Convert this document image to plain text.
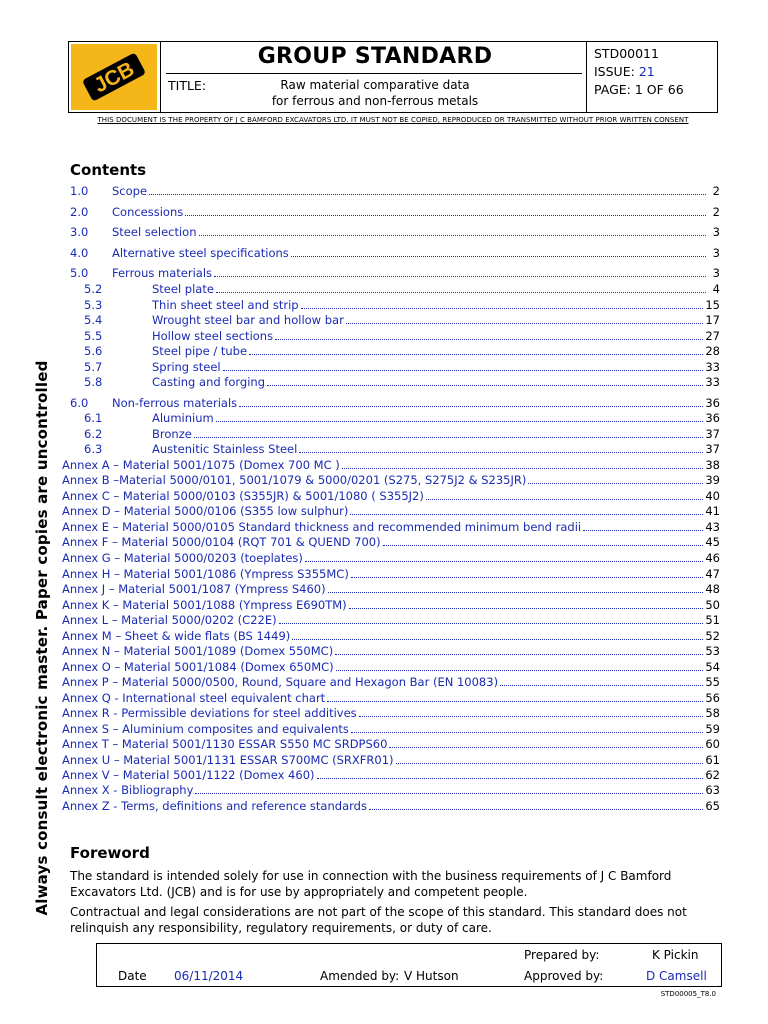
JCB
GROUP STANDARD
TITLE:	Raw material comparative data
for ferrous and non-ferrous metals
STD00011
ISSUE: 21
PAGE: 1 OF 66
THIS DOCUMENT IS THE PROPERTY OF J C BAMFORD EXCAVATORS LTD. IT MUST NOT BE COPIED, REPRODUCED OR TRANSMITTED WITHOUT PRIOR WRITTEN CONSENT
Always consult electronic master. Paper copies are uncontrolled
Contents
1.0 Scope	2
2.0 Concessions	2
3.0 Steel selection	3
4.0 Alternative steel specifications	3
5.0 Ferrous materials	3
5.2	Steel plate	4
5.3	Thin sheet steel and strip	15
5.4	Wrought steel bar and hollow bar	17
5.5	Hollow steel sections	27
5.6	Steel pipe / tube	28
5.7	Spring steel	33
5.8	Casting and forging	33
6.0 Non-ferrous materials	36
6.1	Aluminium	36
6.2	Bronze	37
6.3	Austenitic Stainless Steel	37
Annex A – Material 5001/1075 (Domex 700 MC )	38
Annex B –Material 5000/0101, 5001/1079 & 5000/0201 (S275, S275J2 & S235JR)	39
Annex C – Material 5000/0103 (S355JR) & 5001/1080 ( S355J2)	40
Annex D – Material 5000/0106 (S355 low sulphur)	41
Annex E – Material 5000/0105 Standard thickness and recommended minimum bend radii	43
Annex F – Material 5000/0104 (RQT 701 & QUEND 700)	45
Annex G – Material 5000/0203 (toeplates)	46
Annex H – Material 5001/1086 (Ympress S355MC)	47
Annex J – Material 5001/1087 (Ympress S460)	48
Annex K – Material 5001/1088 (Ympress E690TM)	50
Annex L – Material 5000/0202 (C22E)	51
Annex M – Sheet & wide flats (BS 1449)	52
Annex N – Material 5001/1089 (Domex 550MC)	53
Annex O – Material 5001/1084 (Domex 650MC)	54
Annex P – Material 5000/0500, Round, Square and Hexagon Bar (EN 10083)	55
Annex Q - International steel equivalent chart	56
Annex R - Permissible deviations for steel additives	58
Annex S – Aluminium composites and equivalents	59
Annex T – Material 5001/1130 ESSAR S550 MC SRDPS60	60
Annex U – Material 5001/1131 ESSAR S700MC (SRXFR01)	61
Annex V – Material 5001/1122 (Domex 460)	62
Annex X - Bibliography	63
Annex Z - Terms, definitions and reference standards	65
Foreword

The standard is intended solely for use in connection with the business requirements of J C Bamford Excavators Ltd. (JCB) and is for use by appropriately and competent people.

Contractual and legal considerations are not part of the scope of this standard. This standard does not relinquish any responsibility, regulatory requirements, or duty of care.

Prepared by:	K Pickin
Date 06/11/2014	Amended by: V Hutson	Approved by:	D Camsell
STD00005_T8.0
